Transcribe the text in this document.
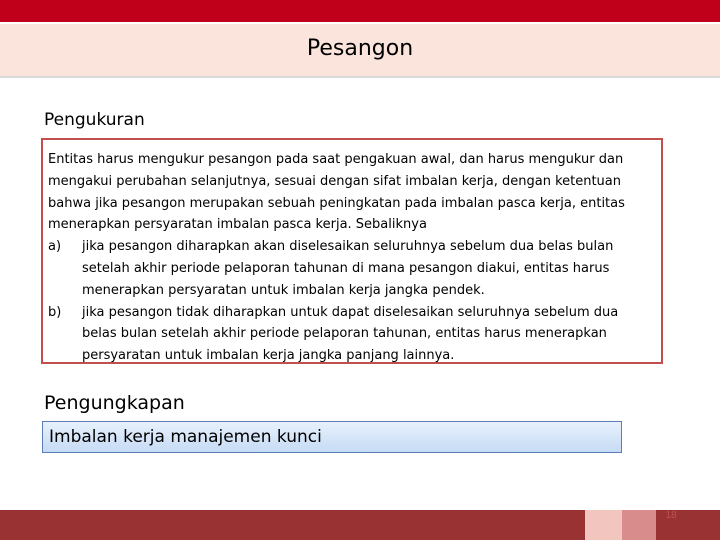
Pesangon
Pengukuran

Entitas harus mengukur pesangon pada saat pengakuan awal, dan harus mengukur dan mengakui perubahan selanjutnya, sesuai dengan sifat imbalan kerja, dengan ketentuan bahwa jika pesangon merupakan sebuah peningkatan pada imbalan pasca kerja, entitas menerapkan persyaratan imbalan pasca kerja. Sebaliknya

a)	jika pesangon diharapkan akan diselesaikan seluruhnya sebelum dua belas bulan setelah akhir periode pelaporan tahunan di mana pesangon diakui, entitas harus menerapkan persyaratan untuk imbalan kerja jangka pendek.
b)	jika pesangon tidak diharapkan untuk dapat diselesaikan seluruhnya sebelum dua belas bulan setelah akhir periode pelaporan tahunan, entitas harus menerapkan persyaratan untuk imbalan kerja jangka panjang lainnya.
Pengungkapan
Imbalan kerja manajemen kunci
18
